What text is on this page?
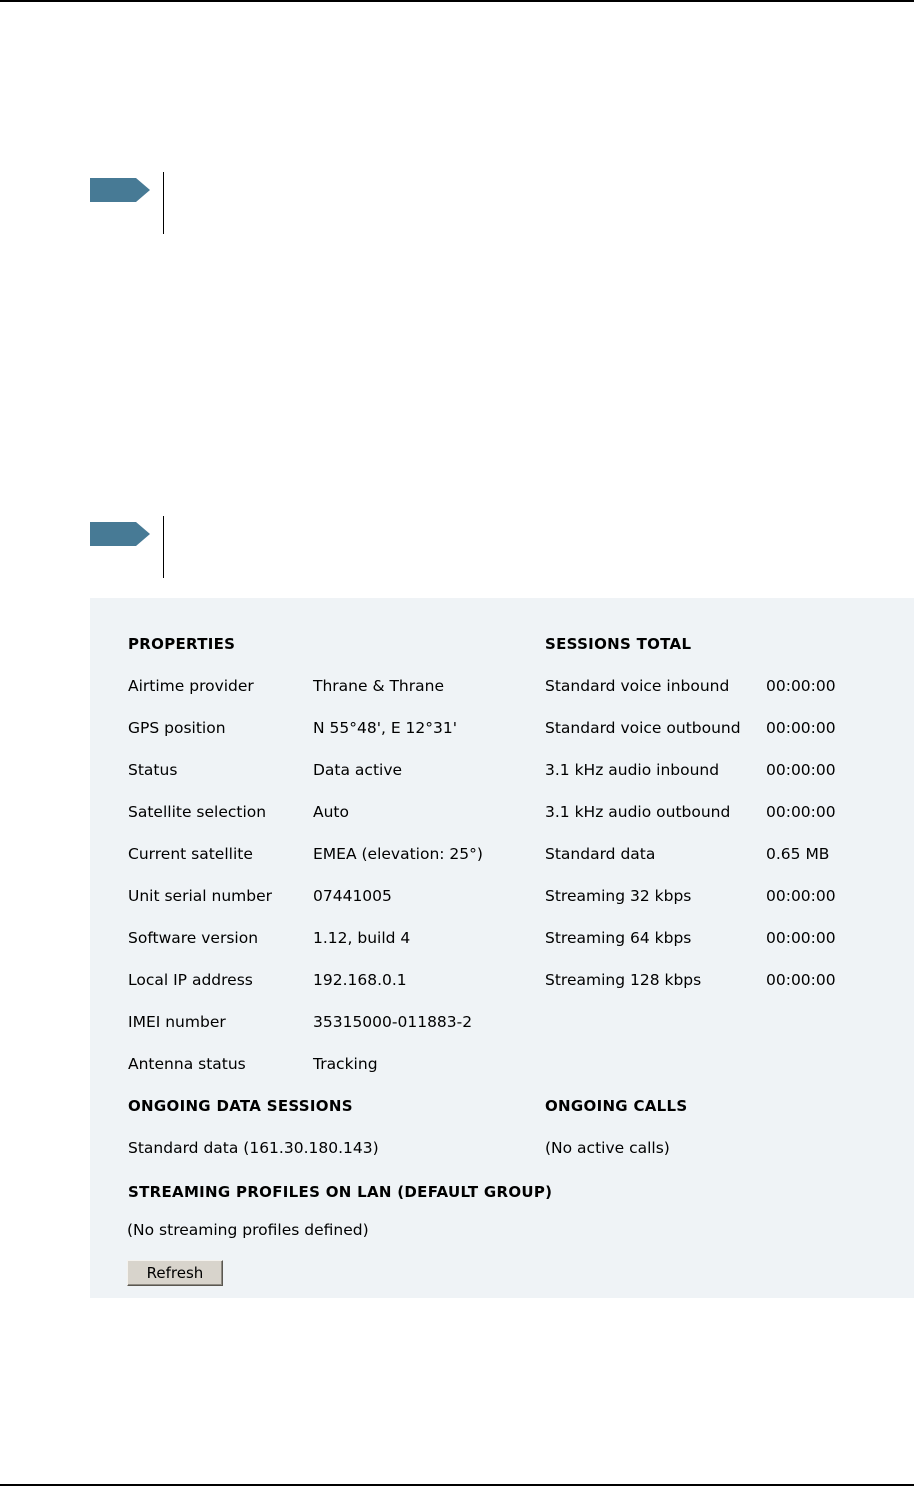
PROPERTIES
Airtime provider	Thrane & Thrane
GPS position	N 55°48', E 12°31'
Status	Data active
Satellite selection	Auto
Current satellite	EMEA (elevation: 25°)
Unit serial number	07441005
Software version	1.12, build 4
Local IP address	192.168.0.1
IMEI number	35315000-011883-2
Antenna status	Tracking
SESSIONS TOTAL
Standard voice inbound 00:00:00
Standard voice outbound 00:00:00
3.1 kHz audio inbound	00:00:00
3.1 kHz audio outbound 00:00:00
Standard data	0.65 MB
Streaming 32 kbps	00:00:00
Streaming 64 kbps	00:00:00
Streaming 128 kbps	00:00:00
ONGOING DATA SESSIONS
Standard data (161.30.180.143)
ONGOING CALLS
(No active calls)
STREAMING PROFILES ON LAN (DEFAULT GROUP)
(No streaming profiles defined)
Refresh
